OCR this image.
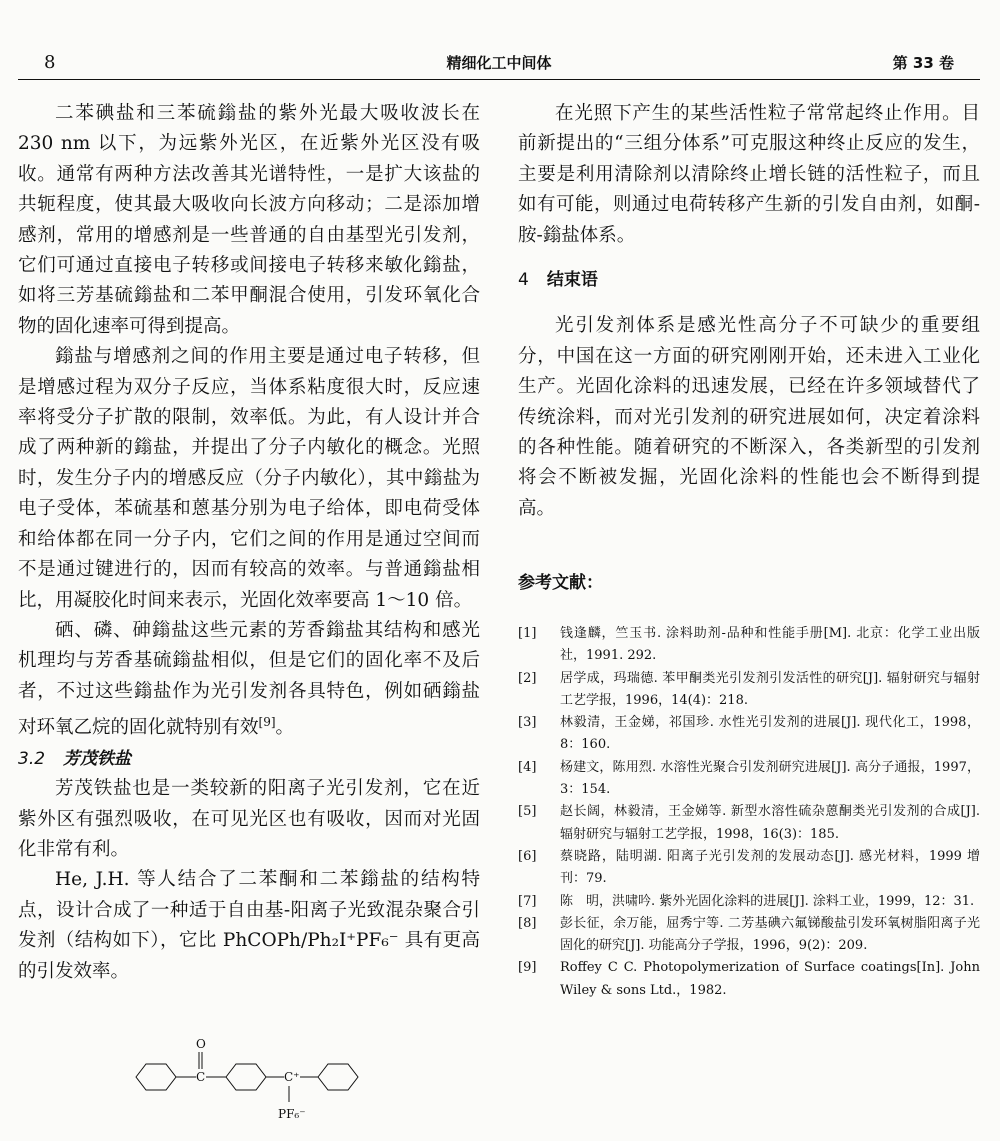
8	精细化工中间体	第 33 卷

二苯碘盐和三苯硫鎓盐的紫外光最大吸收波长在 230 nm 以下，为远紫外光区，在近紫外光区没有吸收。通常有两种方法改善其光谱特性，一是扩大该盐的共轭程度，使其最大吸收向长波方向移动；二是添加增感剂，常用的增感剂是一些普通的自由基型光引发剂，它们可通过直接电子转移或间接电子转移来敏化鎓盐，如将三芳基硫鎓盐和二苯甲酮混合使用，引发环氧化合物的固化速率可得到提高。

鎓盐与增感剂之间的作用主要是通过电子转移，但是增感过程为双分子反应，当体系粘度很大时，反应速率将受分子扩散的限制，效率低。为此，有人设计并合成了两种新的鎓盐，并提出了分子内敏化的概念。光照时，发生分子内的增感反应（分子内敏化），其中鎓盐为电子受体，苯硫基和蒽基分别为电子给体，即电荷受体和给体都在同一分子内，它们之间的作用是通过空间而不是通过键进行的，因而有较高的效率。与普通鎓盐相比，用凝胶化时间来表示，光固化效率要高 1～10 倍。

硒、磷、砷鎓盐这些元素的芳香鎓盐其结构和感光机理均与芳香基硫鎓盐相似，但是它们的固化率不及后者，不过这些鎓盐作为光引发剂各具特色，例如硒鎓盐对环氧乙烷的固化就特别有效[9]。

3.2 芳茂铁盐

芳茂铁盐也是一类较新的阳离子光引发剂，它在近紫外区有强烈吸收，在可见光区也有吸收，因而对光固化非常有利。

He, J.H. 等人结合了二苯酮和二苯鎓盐的结构特点，设计合成了一种适于自由基-阳离子光致混杂聚合引发剂（结构如下），它比 PhCOPh/Ph₂I⁺PF₆⁻ 具有更高的引发效率。

C
O
C⁺
PF₆⁻

在光照下产生的某些活性粒子常常起终止作用。目前新提出的“三组分体系”可克服这种终止反应的发生，主要是利用清除剂以清除终止增长链的活性粒子，而且如有可能，则通过电荷转移产生新的引发自由剂，如酮-胺-鎓盐体系。

4 结束语

光引发剂体系是感光性高分子不可缺少的重要组分，中国在这一方面的研究刚刚开始，还未进入工业化生产。光固化涂料的迅速发展，已经在许多领域替代了传统涂料，而对光引发剂的研究进展如何，决定着涂料的各种性能。随着研究的不断深入，各类新型的引发剂将会不断被发掘，光固化涂料的性能也会不断得到提高。

参考文献：

[1] 钱逢麟，竺玉书. 涂料助剂-品种和性能手册[M]. 北京：化学工业出版社，1991. 292.

[2] 居学成，玛瑞德. 苯甲酮类光引发剂引发活性的研究[J]. 辐射研究与辐射工艺学报，1996，14(4)：218.

[3] 林毅清，王金娣，祁国珍. 水性光引发剂的进展[J]. 现代化工，1998，8：160.

[4] 杨建文，陈用烈. 水溶性光聚合引发剂研究进展[J]. 高分子通报，1997，3：154.

[5] 赵长阔，林毅清，王金娣等. 新型水溶性硫杂蒽酮类光引发剂的合成[J]. 辐射研究与辐射工艺学报，1998，16(3)：185.

[6] 蔡晓路，陆明湖. 阳离子光引发剂的发展动态[J]. 感光材料，1999 增刊：79.

[7] 陈　明，洪啸吟. 紫外光固化涂料的进展[J]. 涂料工业，1999，12：31.

[8] 彭长征，余万能，屈秀宁等. 二芳基碘六氟锑酸盐引发环氧树脂阳离子光固化的研究[J]. 功能高分子学报，1996，9(2)：209.

[9] Roffey C C. Photopolymerization of Surface coatings[In]. John Wiley & sons Ltd.，1982.
